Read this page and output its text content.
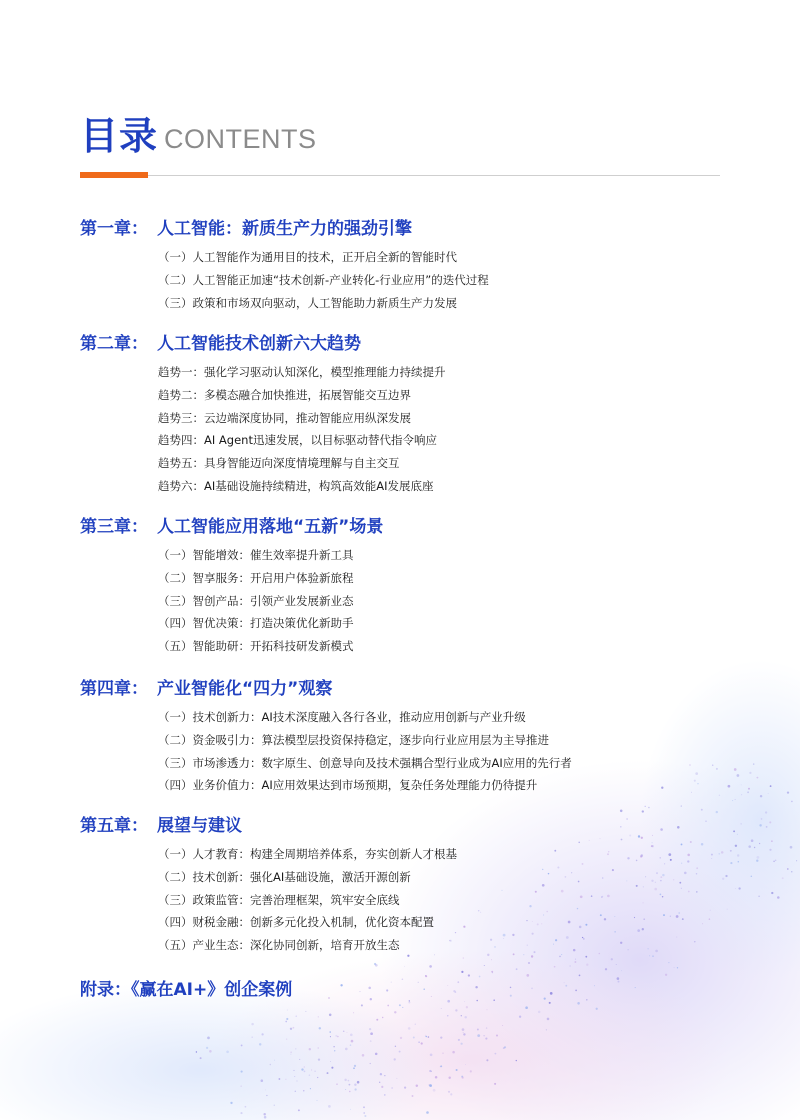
目录 CONTENTS
第一章： 人工智能：新质生产力的强劲引擎
（一）人工智能作为通用目的技术，正开启全新的智能时代
（二）人工智能正加速“技术创新-产业转化-行业应用”的迭代过程
（三）政策和市场双向驱动，人工智能助力新质生产力发展
第二章： 人工智能技术创新六大趋势
趋势一：强化学习驱动认知深化，模型推理能力持续提升
趋势二：多模态融合加快推进，拓展智能交互边界
趋势三：云边端深度协同，推动智能应用纵深发展
趋势四：AI Agent迅速发展，以目标驱动替代指令响应
趋势五：具身智能迈向深度情境理解与自主交互
趋势六：AI基础设施持续精进，构筑高效能AI发展底座
第三章： 人工智能应用落地“五新”场景
（一）智能增效：催生效率提升新工具
（二）智享服务：开启用户体验新旅程
（三）智创产品：引领产业发展新业态
（四）智优决策：打造决策优化新助手
（五）智能助研：开拓科技研发新模式
第四章： 产业智能化“四力”观察
（一）技术创新力：AI技术深度融入各行各业，推动应用创新与产业升级
（二）资金吸引力：算法模型层投资保持稳定，逐步向行业应用层为主导推进
（三）市场渗透力：数字原生、创意导向及技术强耦合型行业成为AI应用的先行者
（四）业务价值力：AI应用效果达到市场预期，复杂任务处理能力仍待提升
第五章： 展望与建议
（一）人才教育：构建全周期培养体系，夯实创新人才根基
（二）技术创新：强化AI基础设施，激活开源创新
（三）政策监管：完善治理框架，筑牢安全底线
（四）财税金融：创新多元化投入机制，优化资本配置
（五）产业生态：深化协同创新，培育开放生态
附录：《赢在AI+》创企案例
